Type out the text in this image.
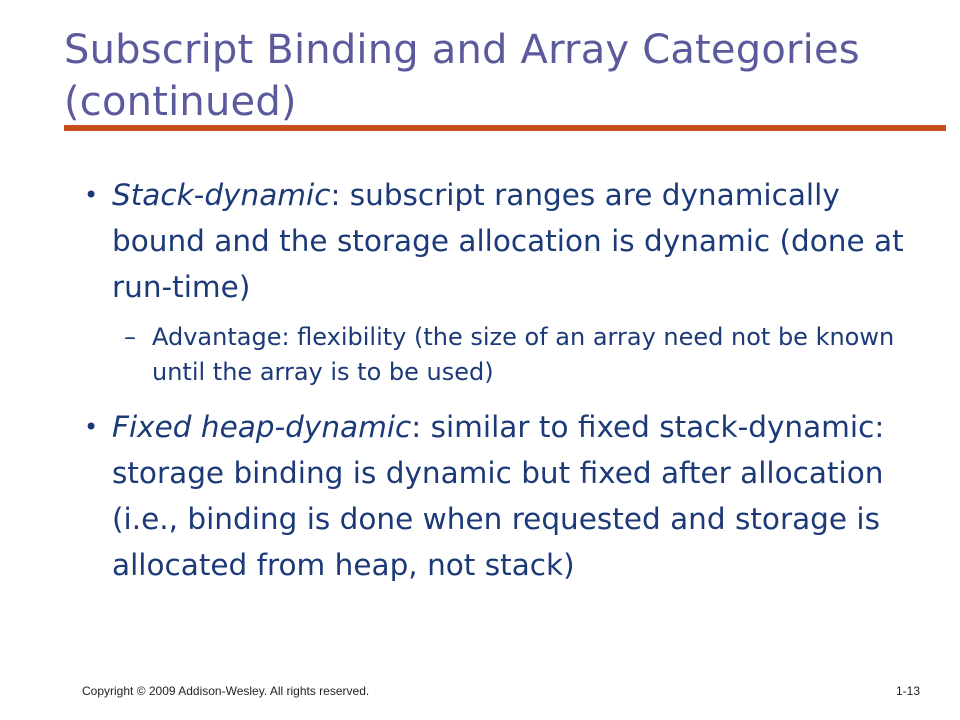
Subscript Binding and Array Categories (continued)
• Stack-dynamic: subscript ranges are dynamically bound and the storage allocation is dynamic (done at run-time)
– Advantage: flexibility (the size of an array need not be known until the array is to be used)
• Fixed heap-dynamic: similar to fixed stack-dynamic: storage binding is dynamic but fixed after allocation (i.e., binding is done when requested and storage is allocated from heap, not stack)
Copyright © 2009 Addison-Wesley. All rights reserved.	1-13
